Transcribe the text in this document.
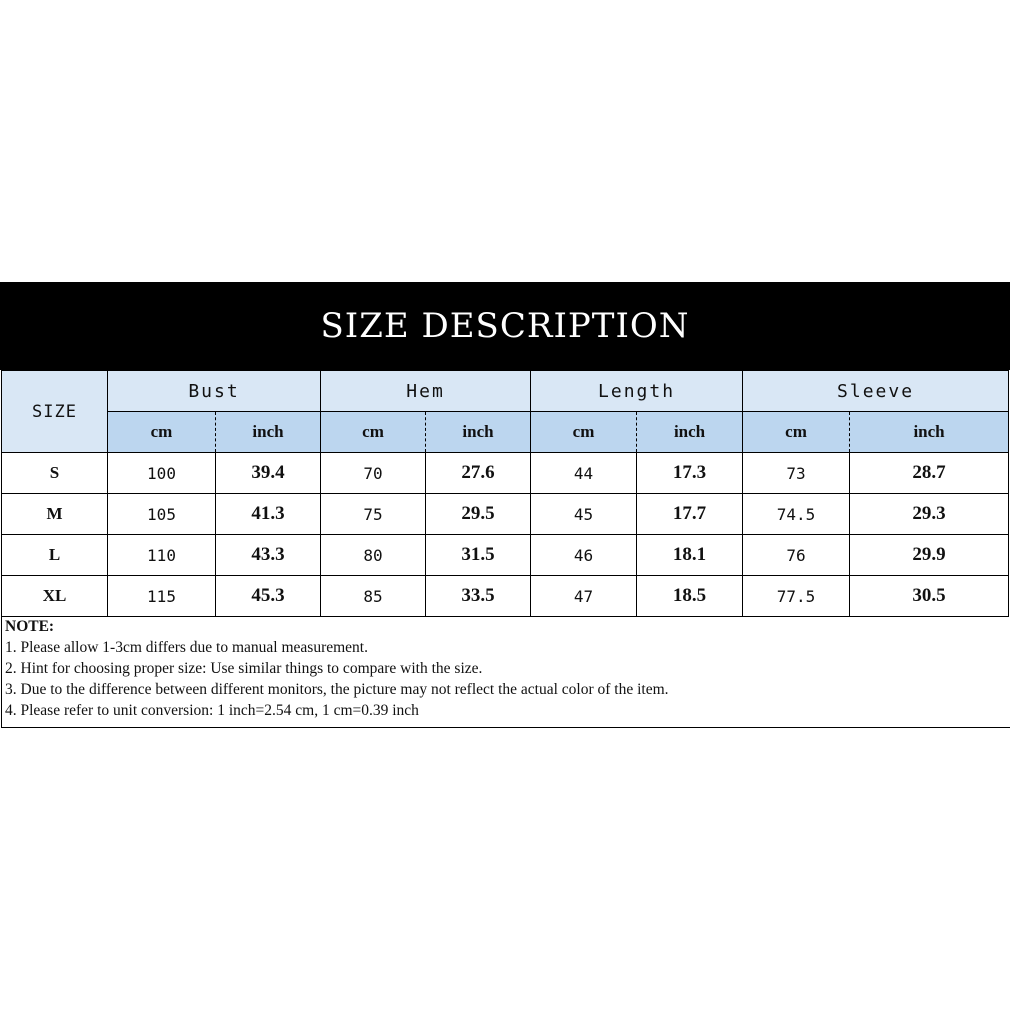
SIZE DESCRIPTION
SIZE	Bust		Hem		Length		Sleeve	
	cm	inch	cm	inch	cm	inch	cm	inch
S	100	39.4	70	27.6	44	17.3	73	28.7
M	105	41.3	75	29.5	45	17.7	74.5	29.3
L	110	43.3	80	31.5	46	18.1	76	29.9
XL	115	45.3	85	33.5	47	18.5	77.5	30.5
NOTE:
1. Please allow 1-3cm differs due to manual measurement.
2. Hint for choosing proper size: Use similar things to compare with the size.
3. Due to the difference between different monitors, the picture may not reflect the actual color of the item.
4. Please refer to unit conversion: 1 inch=2.54 cm, 1 cm=0.39 inch
